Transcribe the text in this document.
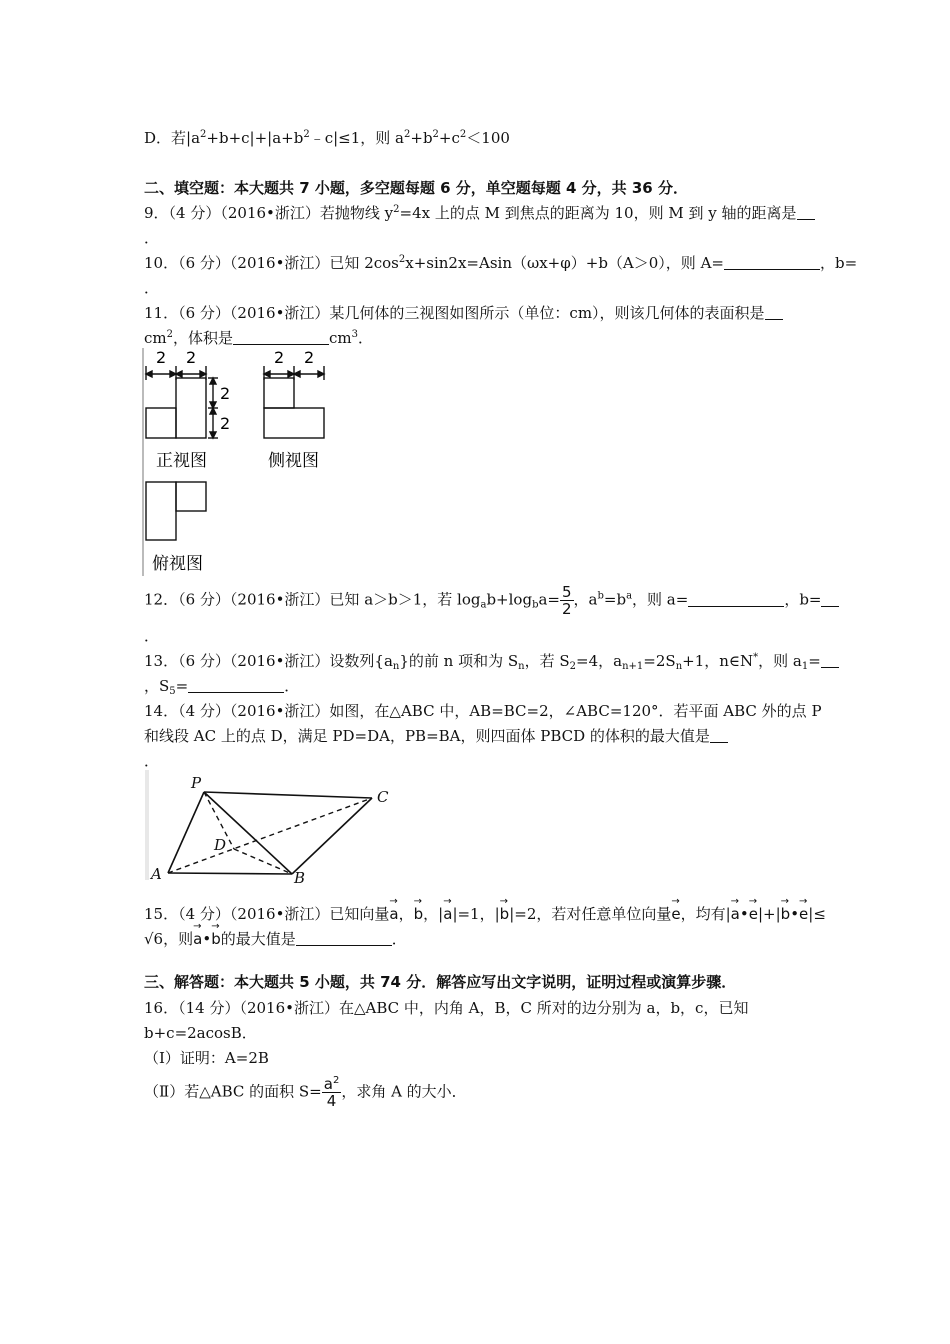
D．若$|a^2+b+c|+|a+b^2﹣c|\le 1$，则 $a^2+b^2+c^2<100$
二、填空题：本大题共 7 小题，多空题每题 6 分，单空题每题 4 分，共 36 分．
9．（4 分）（2016•浙江）若抛物线 $y^2=4x$ 上的点 M 到焦点的距离为 10，则 M 到 y 轴的距离是
．
10．（6 分）（2016•浙江）已知 $2\cos^2x+\sin 2x=Asin(\omega x+\varphi)+b(A>0)$，则 A=	，b=
．
11．（6 分）（2016•浙江）某几何体的三视图如图所示（单位：cm），则该几何体的表面积是
$cm^2$，体积是	$cm^3$．
2 2
2
2
正视图
2 2
侧视图
俯视图
12．（6 分）（2016•浙江）已知 a＞b＞1，若 $\log_ab+\log_ba= \frac{5}{2}$ ，$a^b=b^a$，则 a=	，b=
．
13．（6 分）（2016•浙江）设数列$\{a_n\}$的前 n 项和为 $S_n$，若 $S_2=4$，$a_{n+1}=2S_n+1$，n∈N*，则 $a_1=$
，$S_5=$	．
14．（4 分）（2016•浙江）如图，在△ABC 中，AB=BC=2，∠ABC=120°．若平面 ABC 外的点 P
和线段 AC 上的点 D，满足 PD=DA，PB=BA，则四面体 PBCD 的体积的最大值是
．
P
C
D
A	B
15．（4 分）（2016•浙江）已知向量→ a，→ b，|→ a|=1，|→ b|=2，若对任意单位向量→ e，均有|→ a•→ e|+|→ b•→ e|≤
√6，则→ a•→ b的最大值是	．
三、解答题：本大题共 5 小题，共 74 分．解答应写出文字说明，证明过程或演算步骤．
16．（14 分）（2016•浙江）在△ABC 中，内角 A，B，C 所对的边分别为 a，b，c，已知
b+c=2acosB．
（Ⅰ）证明：A=2B
（Ⅱ）若△ABC 的面积 $S= \frac{a^2}{4}$ ，求角 A 的大小．
